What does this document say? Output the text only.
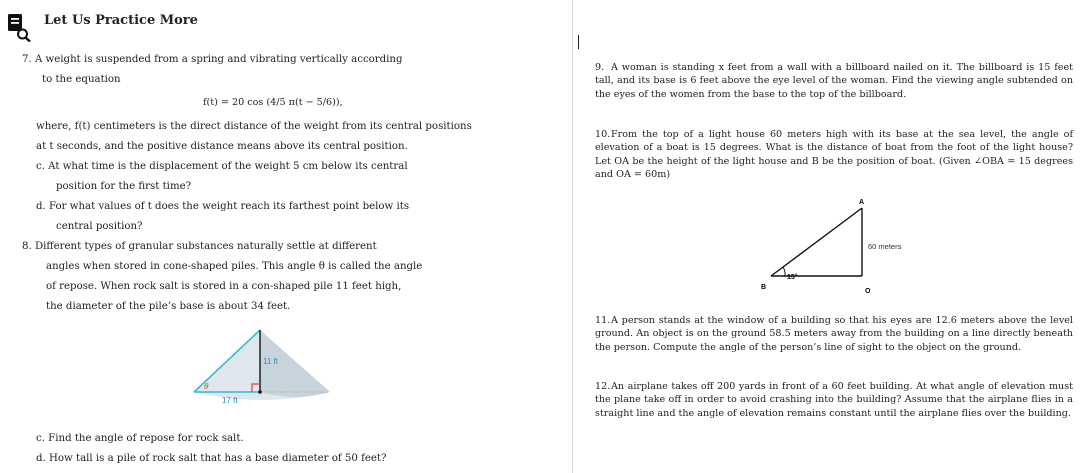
Let Us Practice More
7. A weight is suspended from a spring and vibrating vertically according
to the equation
f(t) = 20 cos (4/5 π(t − 5/6)),
where, f(t) centimeters is the direct distance of the weight from its central positions
at t seconds, and the positive distance means above its central position.
c. At what time is the displacement of the weight 5 cm below its central
position for the first time?
d. For what values of t does the weight reach its farthest point below its
central position?
8. Different types of granular substances naturally settle at different
angles when stored in cone-shaped piles. This angle θ is called the angle
of repose. When rock salt is stored in a con-shaped pile 11 feet high,
the diameter of the pile’s base is about 34 feet.
11 ft
17 ft
θ
c. Find the angle of repose for rock salt.
d. How tall is a pile of rock salt that has a base diameter of 50 feet?
9. A woman is standing x feet from a wall with a billboard nailed on it. The billboard is 15 feet tall, and its base is 6 feet above the eye level of the woman. Find the viewing angle subtended on the eyes of the women from the base to the top of the billboard.
10.From the top of a light house 60 meters high with its base at the sea level, the angle of elevation of a boat is 15 degrees. What is the distance of boat from the foot of the light house? Let OA be the height of the light house and B be the position of boat. (Given ∠OBA = 15 degrees and OA = 60m)
A
B
O
15°
60 meters
11.A person stands at the window of a building so that his eyes are 12.6 meters above the level ground. An object is on the ground 58.5 meters away from the building on a line directly beneath the person. Compute the angle of the person’s line of sight to the object on the ground.
12.An airplane takes off 200 yards in front of a 60 feet building. At what angle of elevation must the plane take off in order to avoid crashing into the building? Assume that the airplane flies in a straight line and the angle of elevation remains constant until the airplane flies over the building.
